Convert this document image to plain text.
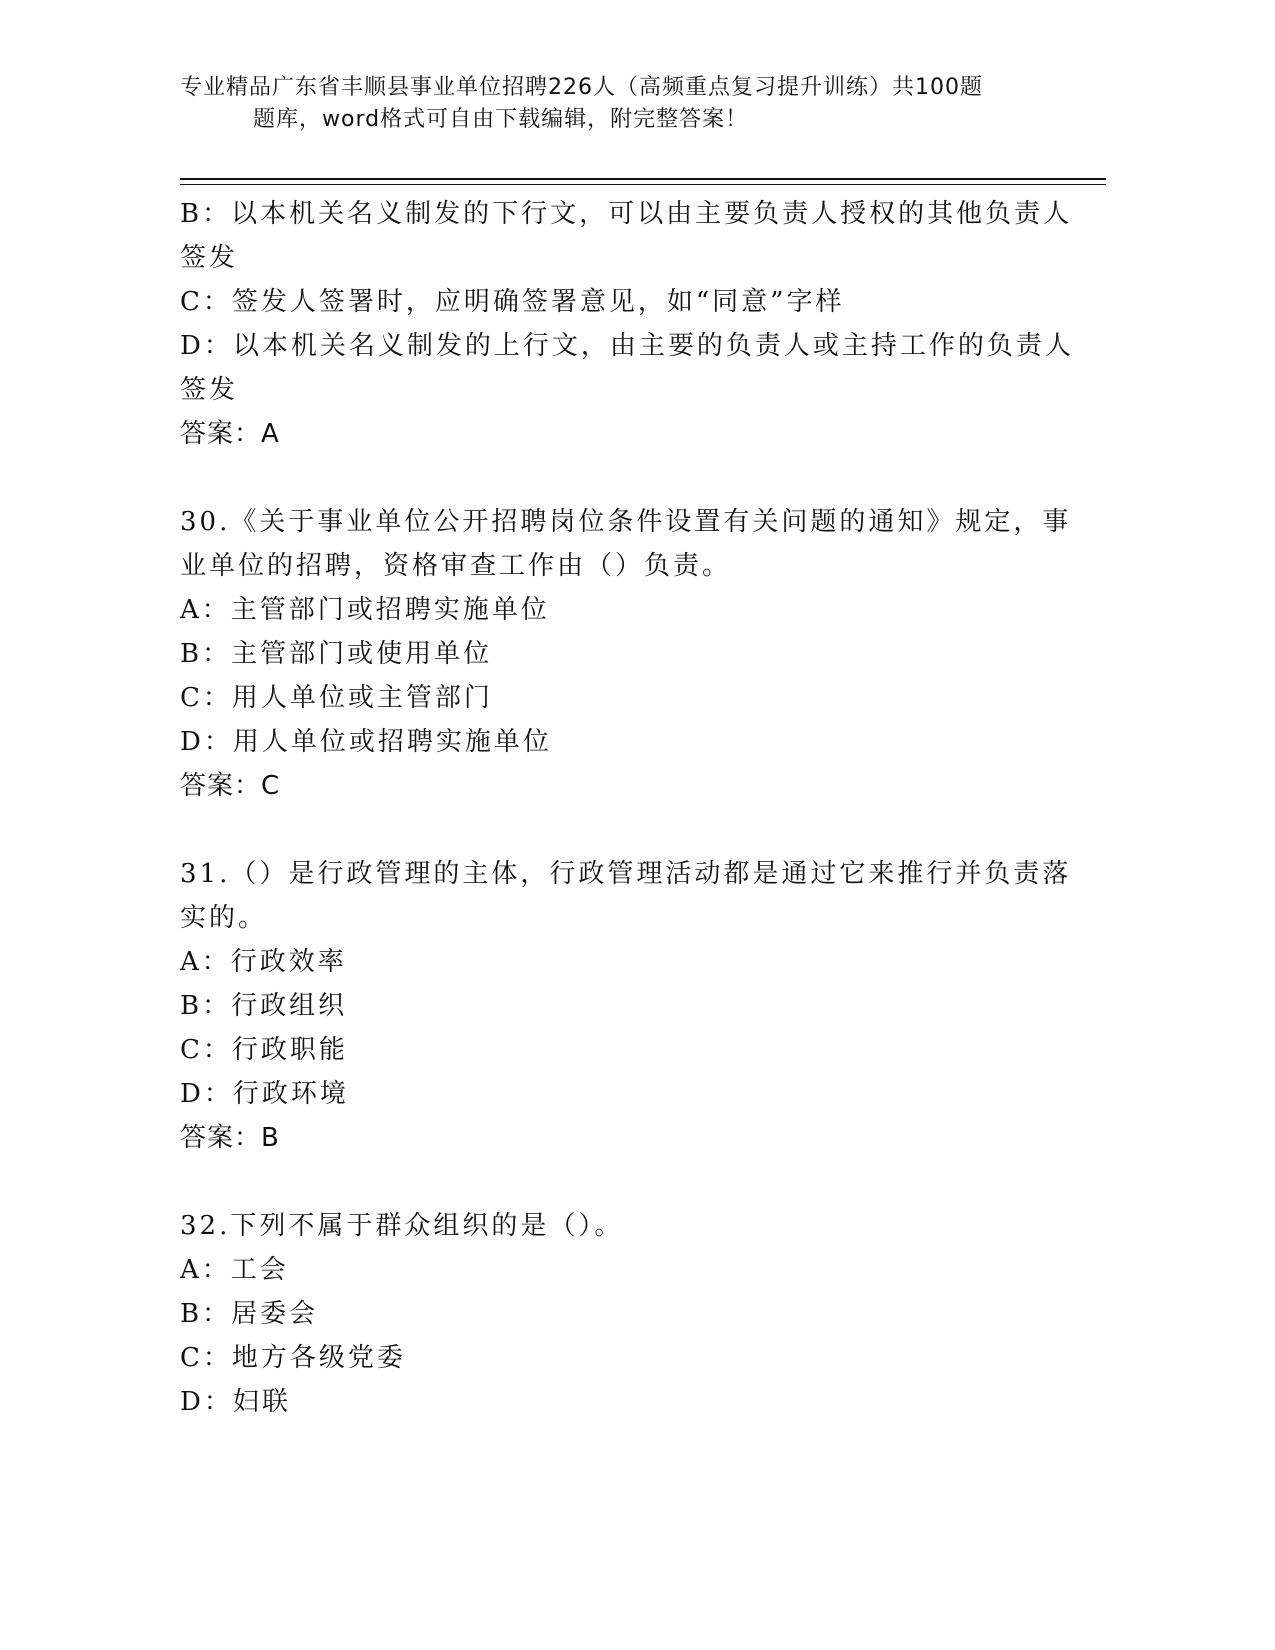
专业精品广东省丰顺县事业单位招聘226人（高频重点复习提升训练）共100题
题库，word格式可自由下载编辑，附完整答案！
B：以本机关名义制发的下行文，可以由主要负责人授权的其他负责人
签发
C：签发人签署时，应明确签署意见，如“同意”字样
D：以本机关名义制发的上行文，由主要的负责人或主持工作的负责人
签发
答案：A
30.《关于事业单位公开招聘岗位条件设置有关问题的通知》规定，事
业单位的招聘，资格审查工作由（）负责。
A：主管部门或招聘实施单位
B：主管部门或使用单位
C：用人单位或主管部门
D：用人单位或招聘实施单位
答案：C
31.（）是行政管理的主体，行政管理活动都是通过它来推行并负责落
实的。
A：行政效率
B：行政组织
C：行政职能
D：行政环境
答案：B
32.下列不属于群众组织的是（）。
A：工会
B：居委会
C：地方各级党委
D：妇联
